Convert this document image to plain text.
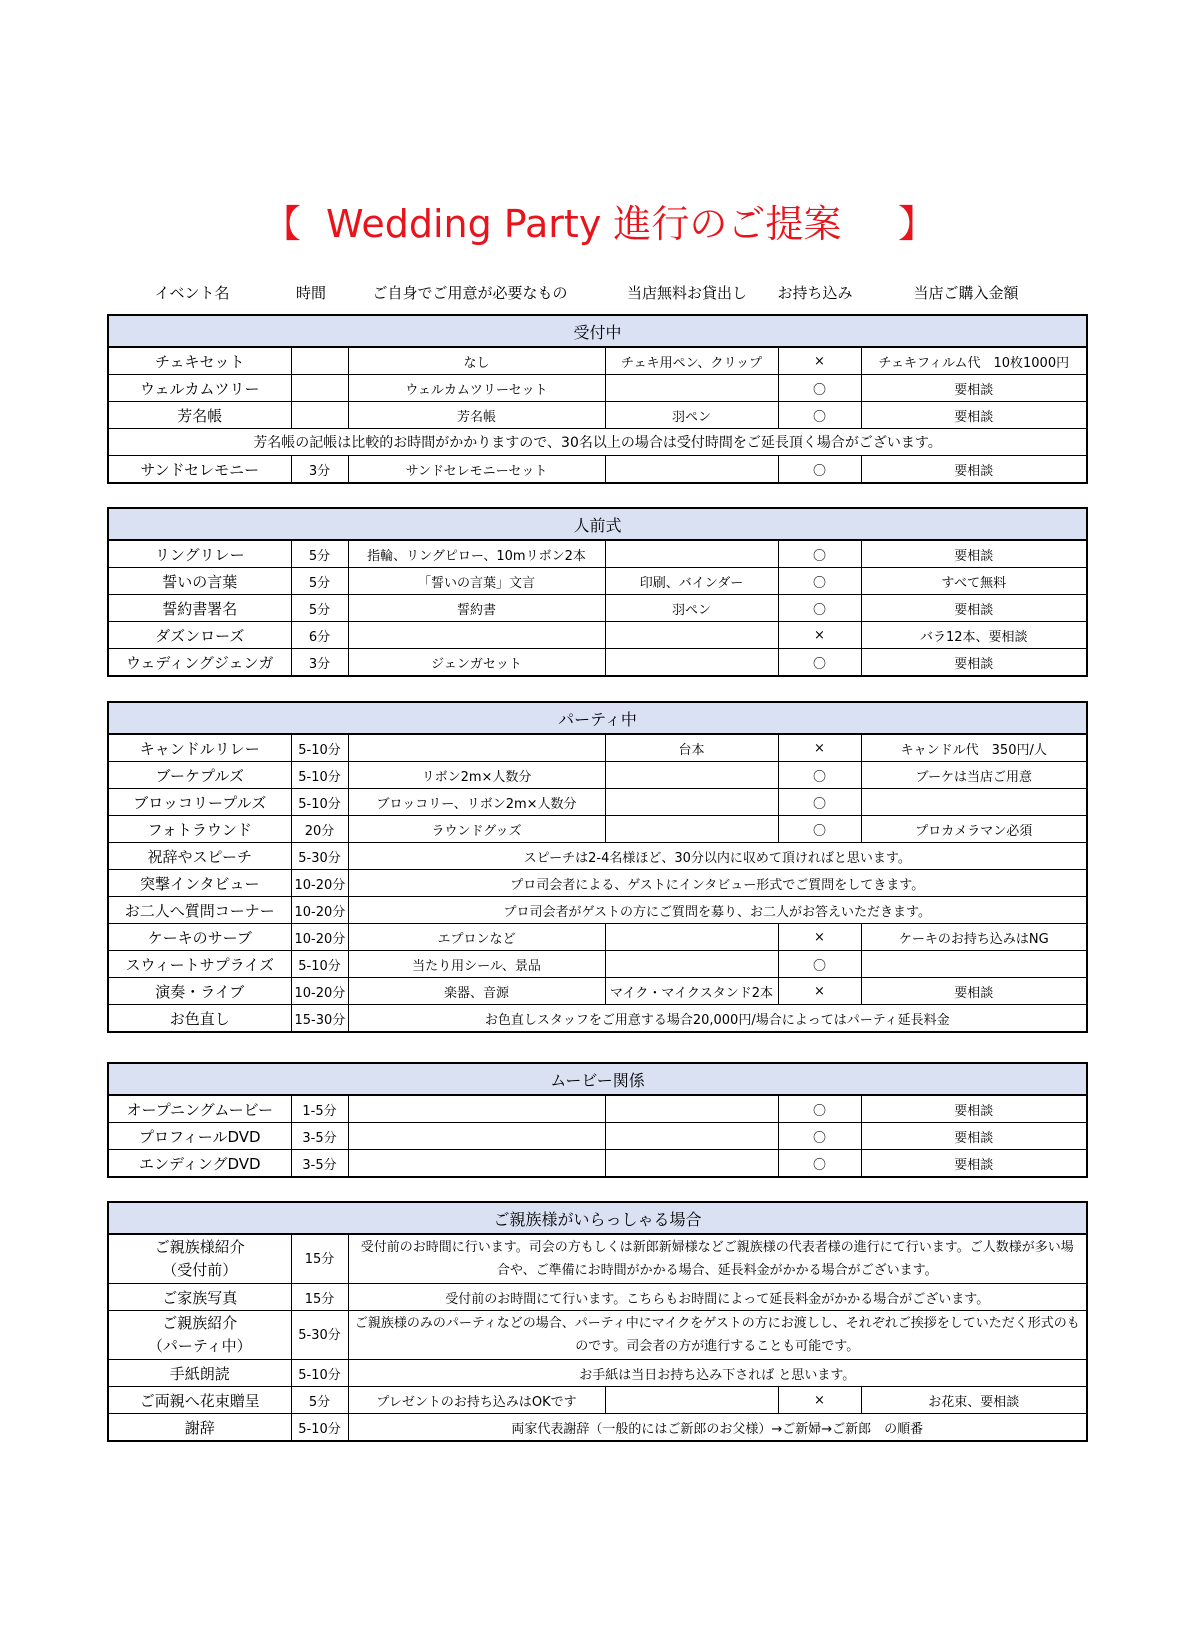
【 Wedding Party 進行のご提案 】
イベント名	時間	ご自身でご用意が必要なもの	当店無料お貸出し	お持ち込み	当店ご購入金額
受付中					

チェキセット		なし	チェキ用ペン、クリップ	×	チェキフィルム代　10枚1000円

ウェルカムツリー		ウェルカムツリーセット		〇	要相談

芳名帳		芳名帳	羽ペン	〇	要相談
芳名帳の記帳は比較的お時間がかかりますので、30名以上の場合は受付時間をご延長頂く場合がございます。					

サンドセレモニー	3分	サンドセレモニーセット		〇	要相談
人前式					

リングリレー	5分	指輪、リングピロー、10mリボン2本		〇	要相談

誓いの言葉	5分	「誓いの言葉」文言	印刷、バインダー	〇	すべて無料

誓約書署名	5分	誓約書	羽ペン	〇	要相談

ダズンローズ	6分			×	バラ12本、要相談

ウェディングジェンガ	3分	ジェンガセット		〇	要相談
パーティ中					

キャンドルリレー	5-10分		台本	×	キャンドル代　350円/人

ブーケプルズ	5-10分	リボン2m×人数分		〇	ブーケは当店ご用意

ブロッコリープルズ	5-10分	ブロッコリー、リボン2m×人数分		〇	

フォトラウンド	20分	ラウンドグッズ		〇	プロカメラマン必須

祝辞やスピーチ	5-30分	スピーチは2-4名様ほど、30分以内に収めて頂ければと思います。			

突撃インタビュー	10-20分	プロ司会者による、ゲストにインタビュー形式でご質問をしてきます。			

お二人へ質問コーナー	10-20分	プロ司会者がゲストの方にご質問を募り、お二人がお答えいただきます。			

ケーキのサーブ	10-20分	エプロンなど		×	ケーキのお持ち込みはNG

スウィートサプライズ	5-10分	当たり用シール、景品		〇	

演奏・ライブ	10-20分	楽器、音源	マイク・マイクスタンド2本	×	要相談

お色直し	15-30分	お色直しスタッフをご用意する場合20,000円/場合によってはパーティ延長料金			
ムービー関係					

オープニングムービー	1-5分			〇	要相談

プロフィールDVD	3-5分			〇	要相談

エンディングDVD	3-5分			〇	要相談
ご親族様がいらっしゃる場合					

ご親族様紹介
（受付前）	15分	受付前のお時間に行います。司会の方もしくは新郎新婦様などご親族様の代表者様の進行にて行います。ご人数様が多い場合や、ご準備にお時間がかかる場合、延長料金がかかる場合がございます。			

ご家族写真	15分	受付前のお時間にて行います。こちらもお時間によって延長料金がかかる場合がございます。			

ご親族紹介
（パーティ中）	5-30分	ご親族様のみのパーティなどの場合、パーティ中にマイクをゲストの方にお渡しし、それぞれご挨拶をしていただく形式のものです。司会者の方が進行することも可能です。			

手紙朗読	5-10分	お手紙は当日お持ち込み下されば と思います。			

ご両親へ花束贈呈	5分	プレゼントのお持ち込みはOKです		×	お花束、要相談

謝辞	5-10分	両家代表謝辞（一般的にはご新郎のお父様）→ご新婦→ご新郎　の順番			
